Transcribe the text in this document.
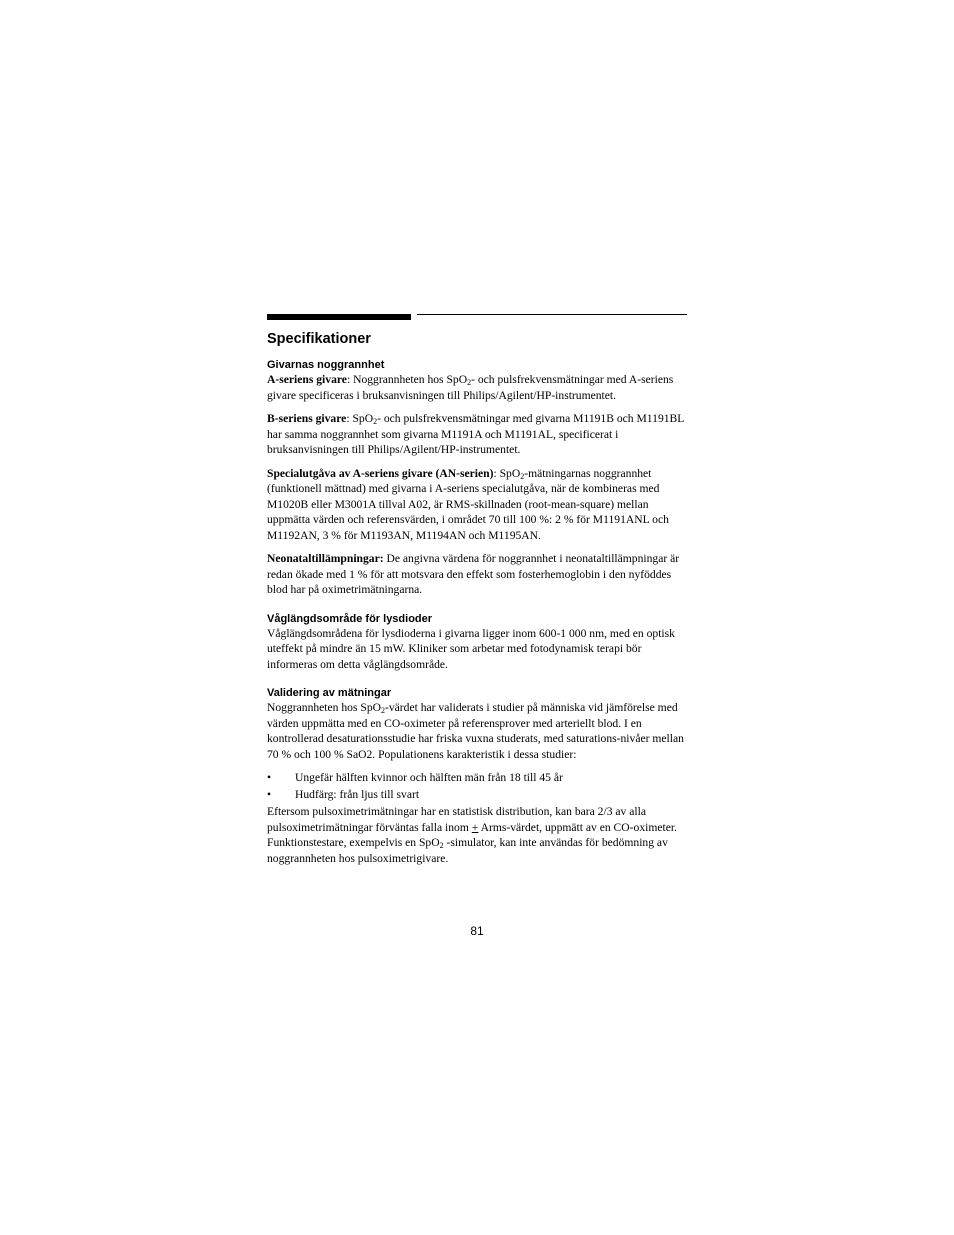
Specifikationer
Givarnas noggrannhet

A-seriens givare: Noggrannheten hos SpO$_2$- och pulsfrekvensmätningar med A-seriens givare specificeras i bruksanvisningen till Philips/Agilent/HP-instrumentet.

B-seriens givare: SpO$_2$- och pulsfrekvensmätningar med givarna M1191B och M1191BL har samma noggrannhet som givarna M1191A och M1191AL, specificerat i bruksanvisningen till Philips/Agilent/HP-instrumentet.

Specialutgåva av A-seriens givare (AN-serien): SpO$_2$-mätningarnas noggrannhet (funktionell mättnad) med givarna i A-seriens specialutgåva, när de kombineras med M1020B eller M3001A tillval A02, är RMS-skillnaden (root-mean-square) mellan uppmätta värden och referensvärden, i området 70 till 100 %: 2 % för M1191ANL och M1192AN, 3 % för M1193AN, M1194AN och M1195AN.

Neonataltillämpningar: De angivna värdena för noggrannhet i neonataltillämpningar är redan ökade med 1 % för att motsvara den effekt som fosterhemoglobin i den nyföddes blod har på oximetrimätningarna.

Våglängdsområde för lysdioder

Våglängdsområdena för lysdioderna i givarna ligger inom 600-1 000 nm, med en optisk uteffekt på mindre än 15 mW. Kliniker som arbetar med fotodynamisk terapi bör informeras om detta våglängdsområde.

Validering av mätningar

Noggrannheten hos SpO$_2$-värdet har validerats i studier på människa vid jämförelse med värden uppmätta med en CO-oximeter på referensprover med arteriellt blod. I en kontrollerad desaturationsstudie har friska vuxna studerats, med saturations-nivåer mellan 70 % och 100 % SaO2. Populationens karakteristik i dessa studier:

• Ungefär hälften kvinnor och hälften män från 18 till 45 år
• Hudfärg: från ljus till svart

Eftersom pulsoximetrimätningar har en statistisk distribution, kan bara 2/3 av alla pulsoximetrimätningar förväntas falla inom + Arms-värdet, uppmätt av en CO-oximeter. Funktionstestare, exempelvis en SpO$_2$ -simulator, kan inte användas för bedömning av noggrannheten hos pulsoximetrigivare.

81
